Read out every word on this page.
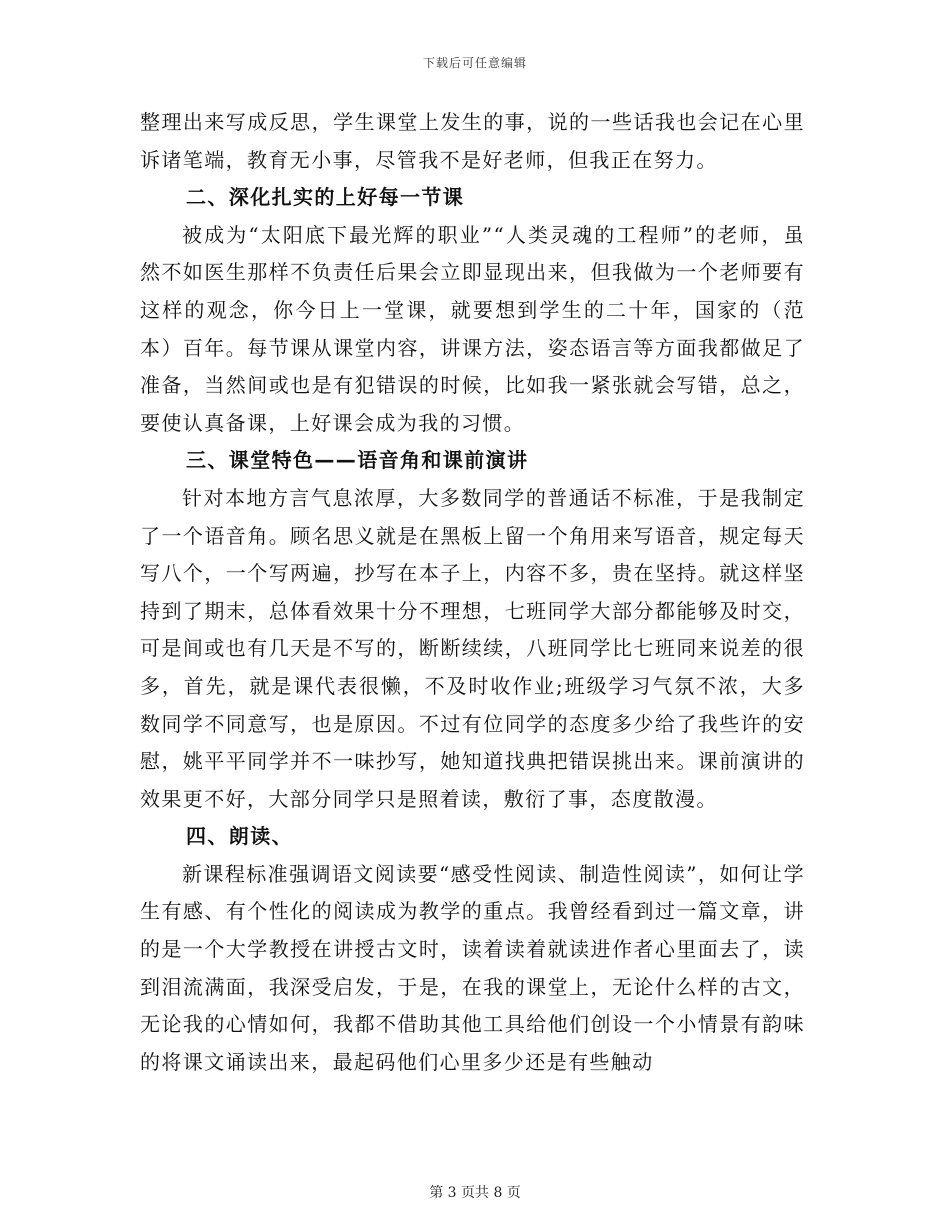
下载后可任意编辑

整理出来写成反思，学生课堂上发生的事，说的一些话我也会记在心里诉诸笔端，教育无小事，尽管我不是好老师，但我正在努力。

二、深化扎实的上好每一节课

被成为“太阳底下最光辉的职业”“人类灵魂的工程师”的老师，虽然不如医生那样不负责任后果会立即显现出来，但我做为一个老师要有这样的观念，你今日上一堂课，就要想到学生的二十年，国家的（范本）百年。每节课从课堂内容，讲课方法，姿态语言等方面我都做足了准备，当然间或也是有犯错误的时候，比如我一紧张就会写错，总之，要使认真备课，上好课会成为我的习惯。

三、课堂特色——语音角和课前演讲

针对本地方言气息浓厚，大多数同学的普通话不标准，于是我制定了一个语音角。顾名思义就是在黑板上留一个角用来写语音，规定每天写八个，一个写两遍，抄写在本子上，内容不多，贵在坚持。就这样坚持到了期末，总体看效果十分不理想，七班同学大部分都能够及时交，可是间或也有几天是不写的，断断续续，八班同学比七班同来说差的很多，首先，就是课代表很懒，不及时收作业;班级学习气氛不浓，大多数同学不同意写，也是原因。不过有位同学的态度多少给了我些许的安慰，姚平平同学并不一味抄写，她知道找典把错误挑出来。课前演讲的效果更不好，大部分同学只是照着读，敷衍了事，态度散漫。

四、朗读、

新课程标准强调语文阅读要“感受性阅读、制造性阅读”，如何让学生有感、有个性化的阅读成为教学的重点。我曾经看到过一篇文章，讲的是一个大学教授在讲授古文时，读着读着就读进作者心里面去了，读到泪流满面，我深受启发，于是，在我的课堂上，无论什么样的古文，无论我的心情如何，我都不借助其他工具给他们创设一个小情景有韵味的将课文诵读出来，最起码他们心里多少还是有些触动

第 3 页共 8 页
